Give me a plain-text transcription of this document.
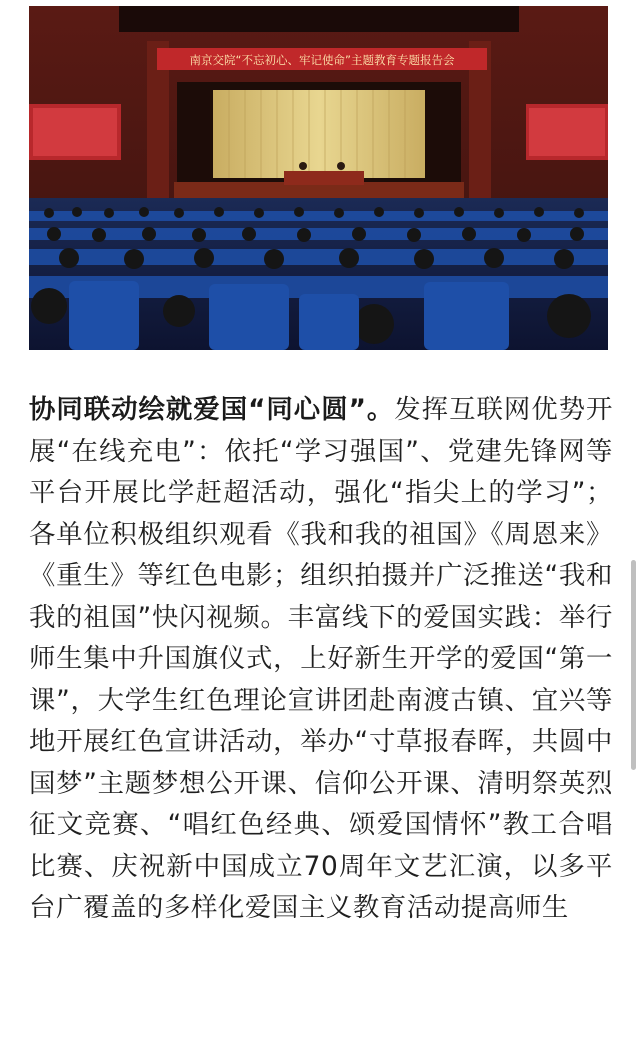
南京交院“不忘初心、牢记使命”主题教育专题报告会

协同联动绘就爱国“同心圆”。发挥互联网优势开展“在线充电”：依托“学习强国”、党建先锋网等平台开展比学赶超活动，强化“指尖上的学习”；各单位积极组织观看《我和我的祖国》《周恩来》《重生》等红色电影；组织拍摄并广泛推送“我和我的祖国”快闪视频。丰富线下的爱国实践：举行师生集中升国旗仪式，上好新生开学的爱国“第一课”，大学生红色理论宣讲团赴南渡古镇、宜兴等地开展红色宣讲活动，举办“寸草报春晖，共圆中国梦”主题梦想公开课、信仰公开课、清明祭英烈征文竞赛、“唱红色经典、颂爱国情怀”教工合唱比赛、庆祝新中国成立70周年文艺汇演，以多平台广覆盖的多样化爱国主义教育活动提高师生
